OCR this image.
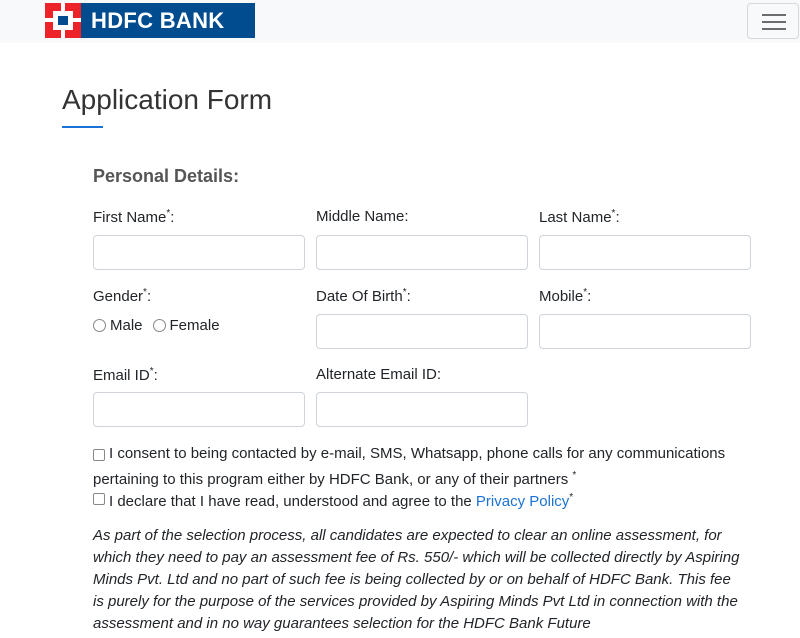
HDFC BANK
Application Form
Personal Details:
First Name*:	Middle Name:	Last Name*:
Gender*:	Date Of Birth*:	Mobile*:
Male Female
Email ID*:	Alternate Email ID:
I consent to being contacted by e-mail, SMS, Whatsapp, phone calls for any communications
pertaining to this program either by HDFC Bank, or any of their partners *
I declare that I have read, understood and agree to the Privacy Policy*

As part of the selection process, all candidates are expected to clear an online assessment, for which they need to pay an assessment fee of Rs. 550/- which will be collected directly by Aspiring Minds Pvt. Ltd and no part of such fee is being collected by or on behalf of HDFC Bank. This fee is purely for the purpose of the services provided by Aspiring Minds Pvt Ltd in connection with the assessment and in no way guarantees selection for the HDFC Bank Future
